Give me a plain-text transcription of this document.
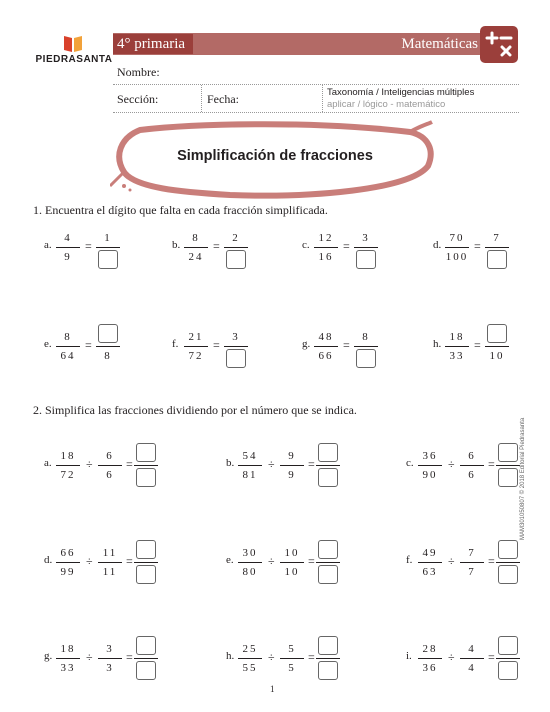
PIEDRASANTA
4° primaria	Matemáticas
Nombre:
Sección:	Fecha:	Taxonomía / Inteligencias múltiples
aplicar / lógico - matemático
Simplificación de fracciones
1. Encuentra el dígito que falta en cada fracción simplificada.
a.
4
9
=
1
b.
8
24
=
2
c.
12
16
=
3
d.
70
100
=
7
e.
8
64
=
8
f.
21
72
=
3
g.
48
66
=
8
h.
18
33
=
10
2. Simplifica las fracciones dividiendo por el número que se indica.
a.
18
72
÷
6
6
=	b.
54
81
÷
9
9
=	c.
36
90
÷
6
6
=
d.
66
99
÷
11
11
=	e.
30
80
÷
10
10
=	f.
49
63
÷
7
7
=
g.
18
33
÷
3
3
=	h.
25
55
÷
5
5
=	i.
28
36
÷
4
4
=
MAM301050807 © 2018 Editorial Piedrasanta
1
